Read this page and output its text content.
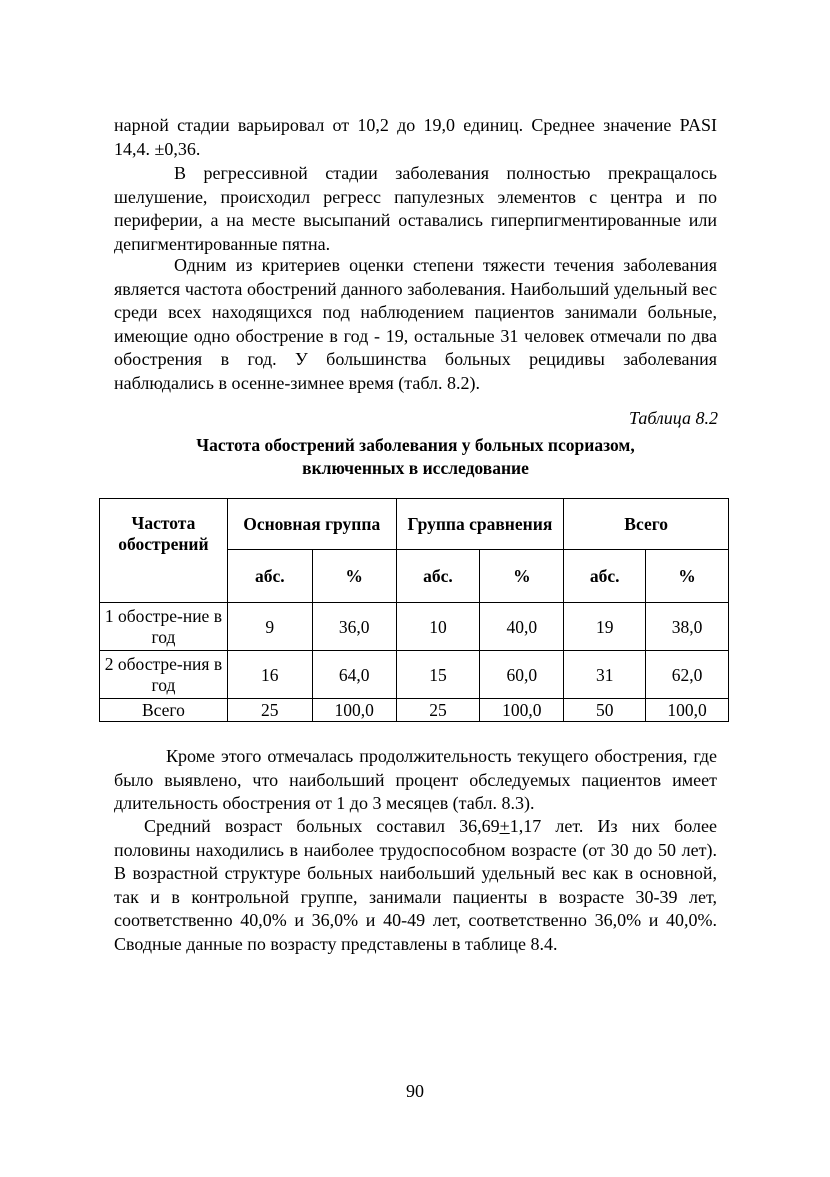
нарной стадии варьировал от 10,2 до 19,0 единиц. Среднее значение PASI 14,4. ±0,36.

В регрессивной стадии заболевания полностью прекращалось шелушение, происходил регресс папулезных элементов с центра и по периферии, а на месте высыпаний оставались гиперпигментированные или депигментированные пятна.

Одним из критериев оценки степени тяжести течения заболевания является частота обострений данного заболевания. Наибольший удельный вес среди всех находящихся под наблюдением пациентов занимали больные, имеющие одно обострение в год - 19, остальные 31 человек отмечали по два обострения в год. У большинства больных рецидивы заболевания наблюдались в осенне-зимнее время (табл. 8.2).

Таблица 8.2
Частота обострений заболевания у больных псориазом,
включенных в исследование
Частота обострений	Основная группа		Группа сравнения		Всего	
	абс.	%	абс.	%	абс.	%
1 обостре-ние в год	9	36,0	10	40,0	19	38,0
2 обостре-ния в год	16	64,0	15	60,0	31	62,0
Всего	25	100,0	25	100,0	50	100,0

Кроме этого отмечалась продолжительность текущего обострения, где было выявлено, что наибольший процент обследуемых пациентов имеет длительность обострения от 1 до 3 месяцев (табл. 8.3).

Средний возраст больных составил 36,69+1,17 лет. Из них более половины находились в наиболее трудоспособном возрасте (от 30 до 50 лет). В возрастной структуре больных наибольший удельный вес как в основной, так и в контрольной группе, занимали пациенты в возрасте 30-39 лет, соответственно 40,0% и 36,0% и 40-49 лет, соответственно 36,0% и 40,0%. Сводные данные по возрасту представлены в таблице 8.4.

90
